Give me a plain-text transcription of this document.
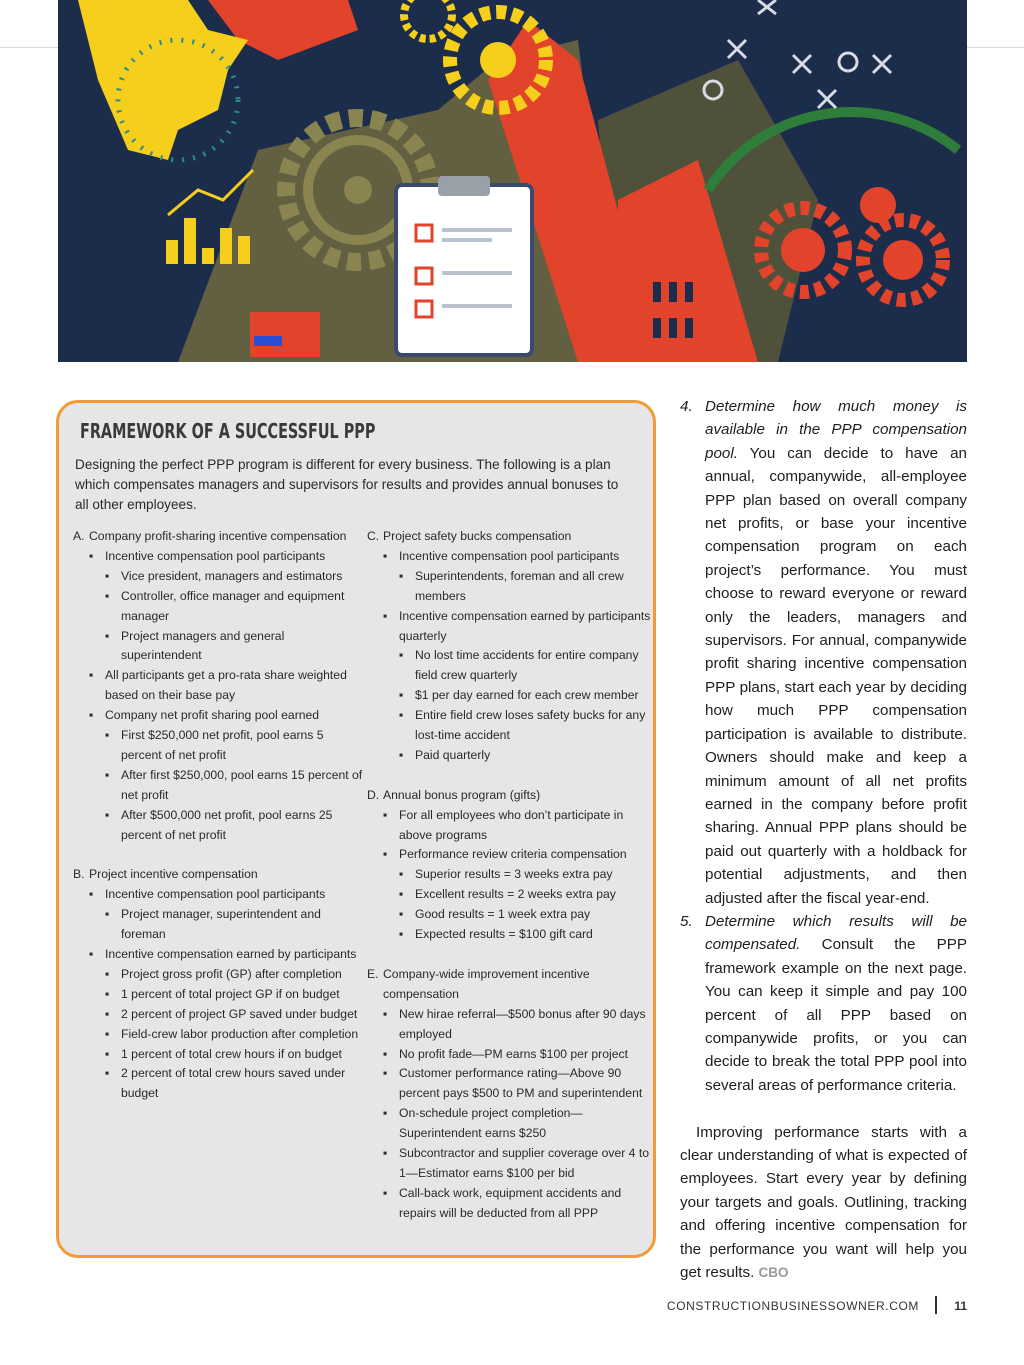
FRAMEWORK OF A SUCCESSFUL PPP
Designing the perfect PPP program is different for every business. The following is a plan which compensates managers and supervisors for results and provides annual bonuses to all other employees.
A. Company profit-sharing incentive compensation
▪ Incentive compensation pool participants
▪ Vice president, managers and estimators
▪ Controller, office manager and equipment manager
▪ Project managers and general superintendent
▪ All participants get a pro-rata share weighted based on their base pay
▪ Company net profit sharing pool earned
▪ First $250,000 net profit, pool earns 5 percent of net profit
▪ After first $250,000, pool earns 15 percent of net profit
▪ After $500,000 net profit, pool earns 25 percent of net profit
B. Project incentive compensation
▪ Incentive compensation pool participants
▪ Project manager, superintendent and foreman
▪ Incentive compensation earned by participants
▪ Project gross profit (GP) after completion
▪ 1 percent of total project GP if on budget
▪ 2 percent of project GP saved under budget
▪ Field-crew labor production after completion
▪ 1 percent of total crew hours if on budget
▪ 2 percent of total crew hours saved under budget
C. Project safety bucks compensation
▪ Incentive compensation pool participants
▪ Superintendents, foreman and all crew members
▪ Incentive compensation earned by participants quarterly
▪ No lost time accidents for entire company field crew quarterly
▪ $1 per day earned for each crew member
▪ Entire field crew loses safety bucks for any lost-time accident
▪ Paid quarterly
D. Annual bonus program (gifts)
▪ For all employees who don’t participate in above programs
▪ Performance review criteria compensation
▪ Superior results = 3 weeks extra pay
▪ Excellent results = 2 weeks extra pay
▪ Good results = 1 week extra pay
▪ Expected results = $100 gift card
E. Company-wide improvement incentive compensation
▪ New hirae referral—$500 bonus after 90 days employed
▪ No profit fade—PM earns $100 per project
▪ Customer performance rating—Above 90 percent pays $500 to PM and superintendent
▪ On-schedule project completion—Superintendent earns $250
▪ Subcontractor and supplier coverage over 4 to 1—Estimator earns $100 per bid
▪ Call-back work, equipment accidents and repairs will be deducted from all PPP
4. Determine how much money is available in the PPP compensation pool. You can decide to have an annual, companywide, all-employee PPP plan based on overall company net profits, or base your incentive compensation program on each project’s performance. You must choose to reward everyone or reward only the leaders, managers and supervisors. For annual, companywide profit sharing incentive compensation PPP plans, start each year by deciding how much PPP compensation participation is available to distribute. Owners should make and keep a minimum amount of all net profits earned in the company before profit sharing. Annual PPP plans should be paid out quarterly with a holdback for potential adjustments, and then adjusted after the fiscal year-end.
5. Determine which results will be compensated. Consult the PPP framework example on the next page. You can keep it simple and pay 100 percent of all PPP based on companywide profits, or you can decide to break the total PPP pool into several areas of performance criteria.

Improving performance starts with a clear understanding of what is expected of employees. Start every year by defining your targets and goals. Outlining, tracking and offering incentive compensation for the performance you want will help you get results. CBO

CONSTRUCTIONBUSINESSOWNER.COM	11
